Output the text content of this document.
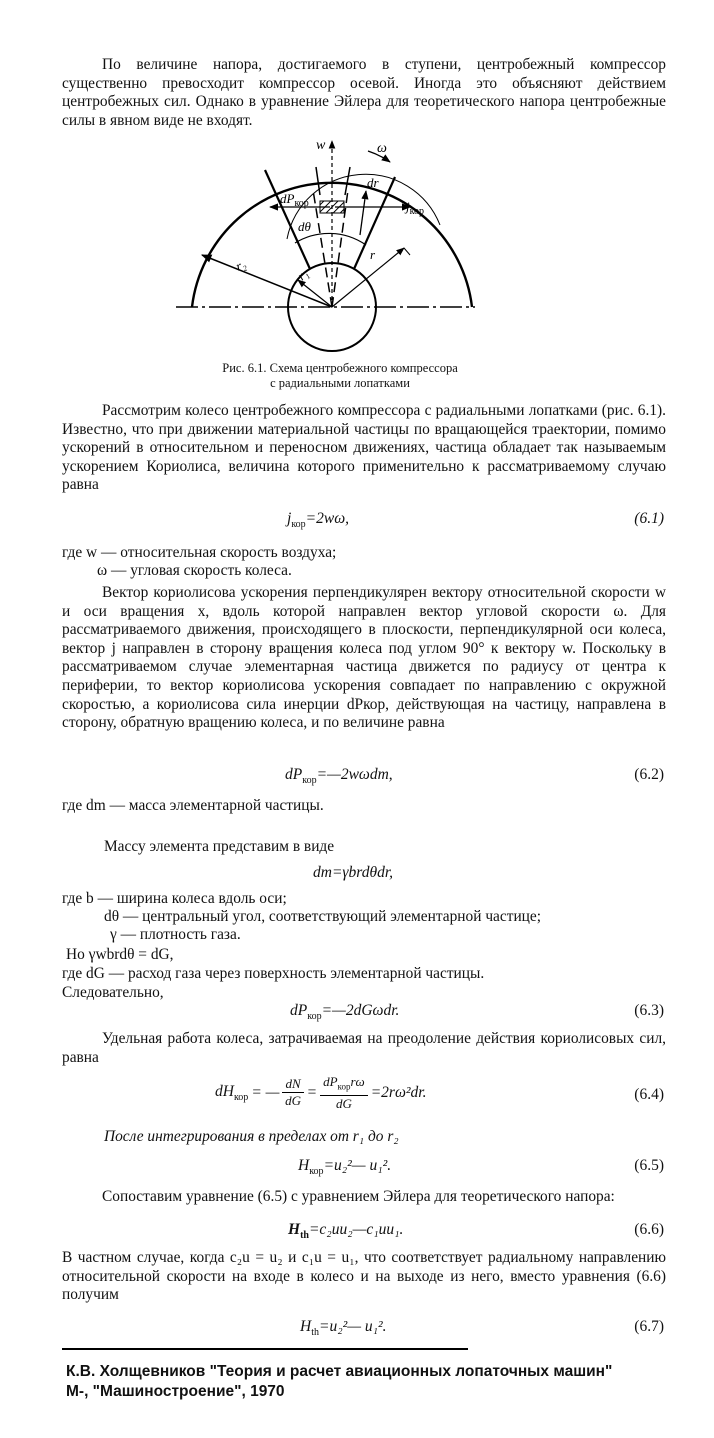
По величине напора, достигаемого в ступени, центробежный компрессор существенно превосходит компрессор осевой. Иногда это объясняют действием центробежных сил. Однако в уравнение Эйлера для теоретического напора центробежные силы в явном виде не входят.
w	ω
$dP_{кор}$
dr
$j_{кор}$
dθ
r₂
r₁
r
Рис. 6.1. Схема центробежного компрессора
с радиальными лопатками
Рассмотрим колесо центробежного компрессора с радиальными лопатками (рис. 6.1). Известно, что при движении материальной частицы по вращающейся траектории, помимо ускорений в относительном и переносном движениях, частица обладает так называемым ускорением Кориолиса, величина которого применительно к рассматриваемому случаю равна
$j_{кор}=2w\omega$,	(6.1)
где w — относительная скорость воздуха;
ω — угловая скорость колеса.
Вектор кориолисова ускорения перпендикулярен вектору относительной скорости w и оси вращения x, вдоль которой направлен вектор угловой скорости ω. Для рассматриваемого движения, происходящего в плоскости, перпендикулярной оси колеса, вектор j направлен в сторону вращения колеса под углом 90° к вектору w. Поскольку в рассматриваемом случае элементарная частица движется по радиусу от центра к периферии, то вектор кориолисова ускорения совпадает по направлению с окружной скоростью, а кориолисова сила инерции dPкор, действующая на частицу, направлена в сторону, обратную вращению колеса, и по величине равна
$dP_{кор}=—2w\omega dm$,	(6.2)
где dm — масса элементарной частицы.
Массу элемента представим в виде
dm=γbrdθdr,
где b — ширина колеса вдоль оси;
dθ — центральный угол, соответствующий элементарной частице;
γ — плотность газа.
Но γwbrdθ = dG,
где dG — расход газа через поверхность элементарной частицы.
Следовательно,
$dP_{кор}=—2dG\omega dr$.	(6.3)
Удельная работа колеса, затрачиваемая на преодоление действия кориолисовых сил, равна
$dH_{кор}$ = — $\frac{dN}{dG}$ =
$dP_{кор}r\omega$
dG
=2rω²dr.	(6.4)
После интегрирования в пределах от r₁ до r₂
$H_{кор}=u_2^2—$ u₁².	(6.5)
Сопоставим уравнение (6.5) с уравнением Эйлера для теоретического напора:
$H_{th}=c_2uu_2—c_1uu_1$.	(6.6)
В частном случае, когда c₂u = u₂ и c₁u = u₁, что соответствует радиальному направлению относительной скорости на входе в колесо и на выходе из него, вместо уравнения (6.6) получим
$H_{th}=u_2^2—$ u₁².	(6.7)
К.В. Холщевников "Теория и расчет авиационных лопаточных машин"
М-, "Машиностроение", 1970
